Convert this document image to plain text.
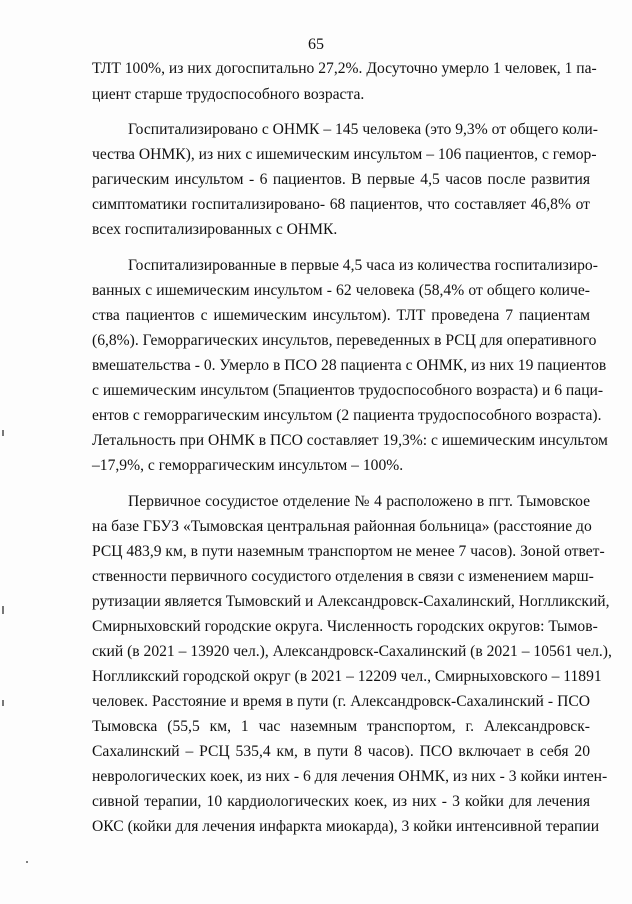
65
ТЛТ 100%, из них догоспитально 27,2%. Досуточно умерло 1 человек, 1 па-
циент старше трудоспособного возраста.
Госпитализировано с ОНМК – 145 человека (это 9,3% от общего коли-
чества ОНМК), из них с ишемическим инсультом – 106 пациентов, с гемор-
рагическим инсультом - 6 пациентов. В первые 4,5 часов после развития
симптоматики госпитализировано- 68 пациентов, что составляет 46,8% от
всех госпитализированных с ОНМК.
Госпитализированные в первые 4,5 часа из количества госпитализиро-
ванных с ишемическим инсультом - 62 человека (58,4% от общего количе-
ства пациентов с ишемическим инсультом). ТЛТ проведена 7 пациентам
(6,8%). Геморрагических инсультов, переведенных в РСЦ для оперативного
вмешательства - 0. Умерло в ПСО 28 пациента с ОНМК, из них 19 пациентов
с ишемическим инсультом (5пациентов трудоспособного возраста) и 6 паци-
ентов с геморрагическим инсультом (2 пациента трудоспособного возраста).
Летальность при ОНМК в ПСО составляет 19,3%: с ишемическим инсультом
–17,9%, с геморрагическим инсультом – 100%.
Первичное сосудистое отделение № 4 расположено в пгт. Тымовское
на базе ГБУЗ «Тымовская центральная районная больница» (расстояние до
РСЦ 483,9 км, в пути наземным транспортом не менее 7 часов). Зоной ответ-
ственности первичного сосудистого отделения в связи с изменением марш-
рутизации является Тымовский и Александровск-Сахалинский, Ноглликский,
Смирныховский городские округа. Численность городских округов: Тымов-
ский (в 2021 – 13920 чел.), Александровск-Сахалинский (в 2021 – 10561 чел.),
Ноглликский городской округ (в 2021 – 12209 чел., Смирныховского – 11891
человек. Расстояние и время в пути (г. Александровск-Сахалинский - ПСО
Тымовска (55,5 км, 1 час наземным транспортом, г. Александровск-
Сахалинский – РСЦ 535,4 км, в пути 8 часов). ПСО включает в себя 20
неврологических коек, из них - 6 для лечения ОНМК, из них - 3 койки интен-
сивной терапии, 10 кардиологических коек, из них - 3 койки для лечения
ОКС (койки для лечения инфаркта миокарда), 3 койки интенсивной терапии
